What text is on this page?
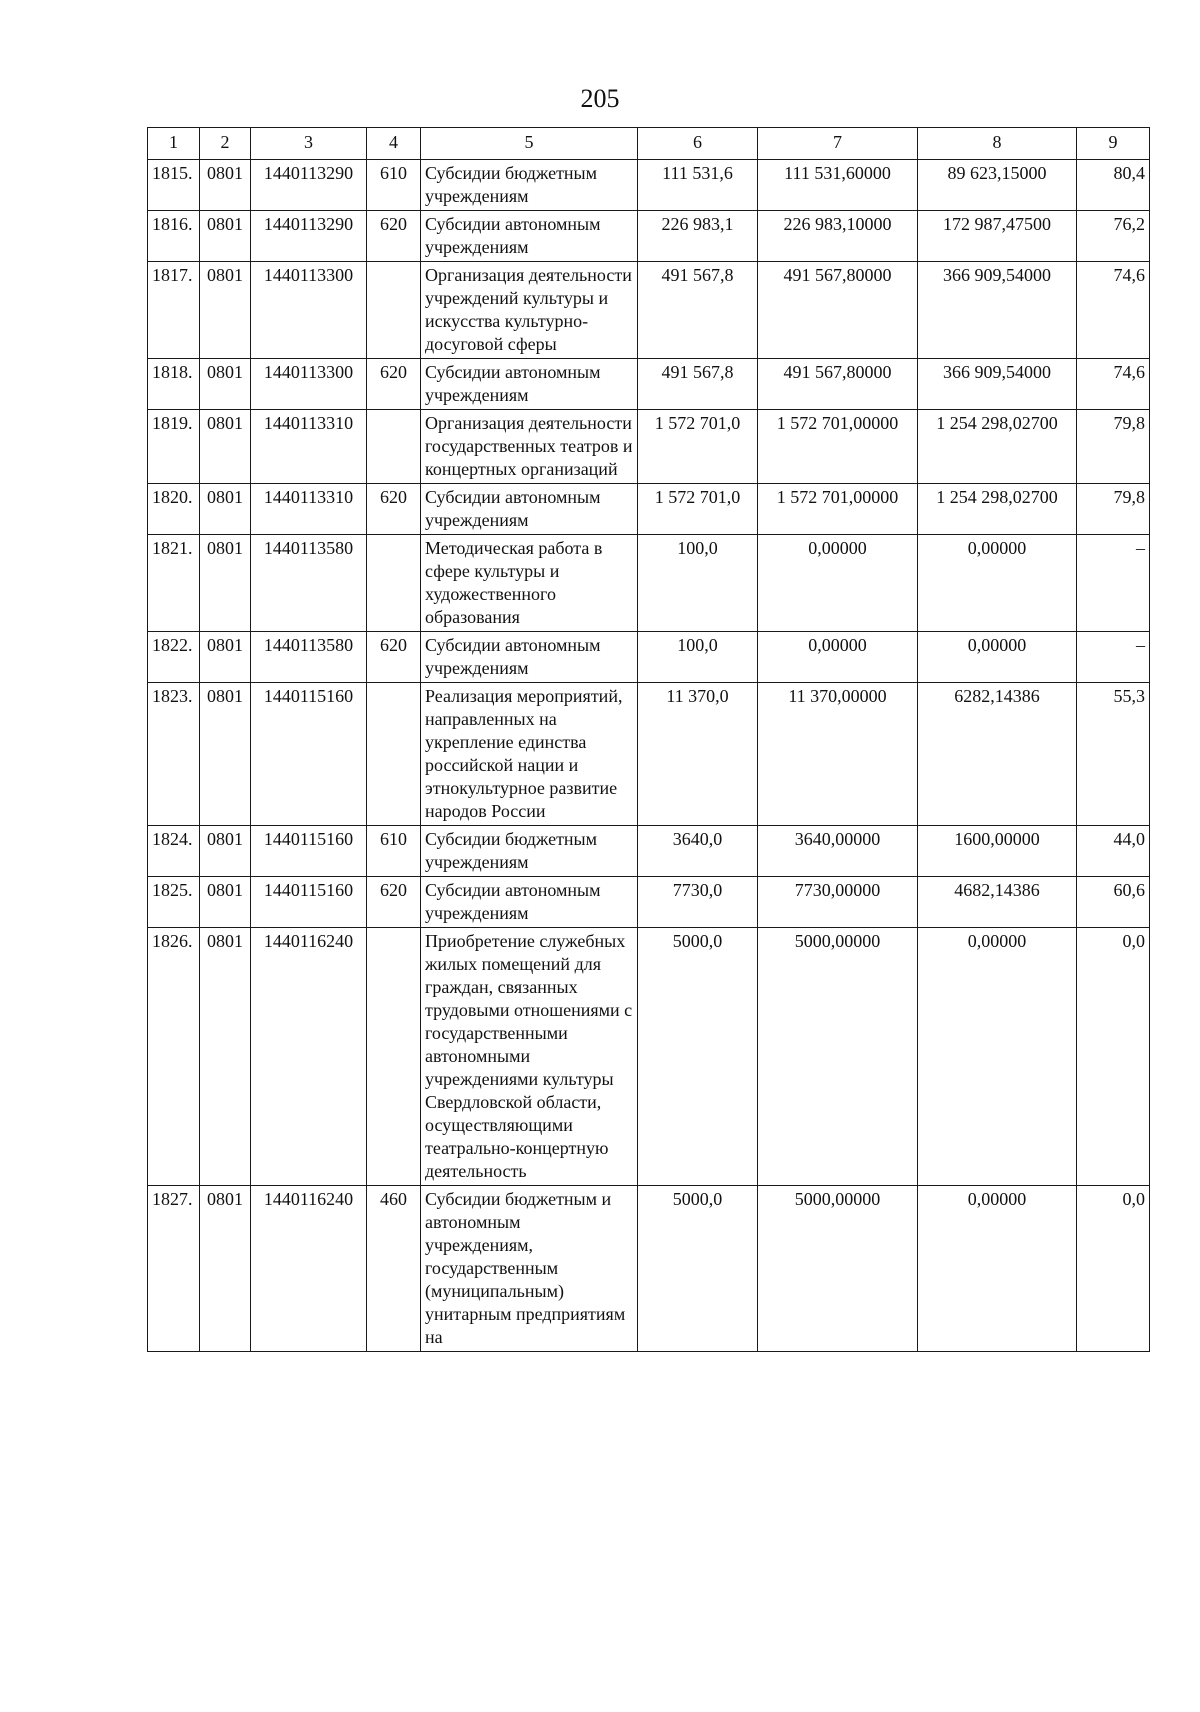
205
1	2	3	4	5	6	7	8	9
1815.	0801	1440113290	610	Субсидии бюджетным учреждениям	111 531,6	111 531,60000	89 623,15000	80,4
1816.	0801	1440113290	620	Субсидии автономным учреждениям	226 983,1	226 983,10000	172 987,47500	76,2
1817.	0801	1440113300		Организация деятельности учреждений культуры и искусства культурно-досуговой сферы	491 567,8	491 567,80000	366 909,54000	74,6
1818.	0801	1440113300	620	Субсидии автономным учреждениям	491 567,8	491 567,80000	366 909,54000	74,6
1819.	0801	1440113310		Организация деятельности государственных театров и концертных организаций	1 572 701,0	1 572 701,00000	1 254 298,02700	79,8
1820.	0801	1440113310	620	Субсидии автономным учреждениям	1 572 701,0	1 572 701,00000	1 254 298,02700	79,8
1821.	0801	1440113580		Методическая работа в сфере культуры и художественного образования	100,0	0,00000	0,00000	–
1822.	0801	1440113580	620	Субсидии автономным учреждениям	100,0	0,00000	0,00000	–
1823.	0801	1440115160		Реализация мероприятий, направленных на укрепление единства российской нации и этнокультурное развитие народов России	11 370,0	11 370,00000	6282,14386	55,3
1824.	0801	1440115160	610	Субсидии бюджетным учреждениям	3640,0	3640,00000	1600,00000	44,0
1825.	0801	1440115160	620	Субсидии автономным учреждениям	7730,0	7730,00000	4682,14386	60,6
1826.	0801	1440116240		Приобретение служебных жилых помещений для граждан, связанных трудовыми отношениями с государственными автономными учреждениями культуры Свердловской области, осуществляющими театрально-концертную деятельность	5000,0	5000,00000	0,00000	0,0
1827.	0801	1440116240	460	Субсидии бюджетным и автономным учреждениям, государственным (муниципальным) унитарным предприятиям на	5000,0	5000,00000	0,00000	0,0
